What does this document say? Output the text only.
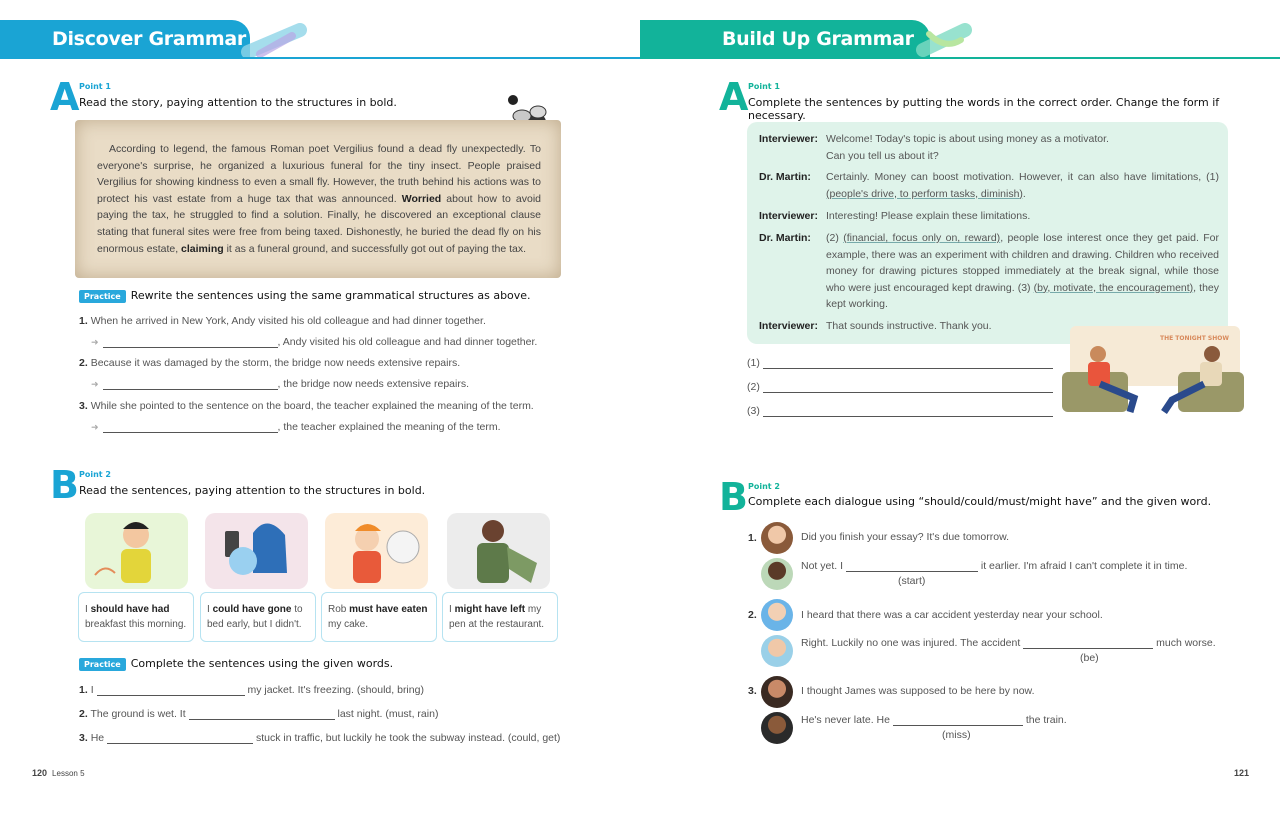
Discover Grammar
A Point 1
Read the story, paying attention to the structures in bold.

According to legend, the famous Roman poet Vergilius found a dead fly unexpectedly. To everyone's surprise, he organized a luxurious funeral for the tiny insect. People praised Vergilius for showing kindness to even a small fly. However, the truth behind his actions was to protect his vast estate from a huge tax that was announced. Worried about how to avoid paying the tax, he struggled to find a solution. Finally, he discovered an exceptional clause stating that funeral sites were free from being taxed. Dishonestly, he buried the dead fly on his enormous estate, claiming it as a funeral ground, and successfully got out of paying the tax.

Practice Rewrite the sentences using the same grammatical structures as above.
1. When he arrived in New York, Andy visited his old colleague and had dinner together.
➜	, Andy visited his old colleague and had dinner together.
2. Because it was damaged by the storm, the bridge now needs extensive repairs.
➜	, the bridge now needs extensive repairs.
3. While she pointed to the sentence on the board, the teacher explained the meaning of the term.
➜	, the teacher explained the meaning of the term.
B Point 2
Read the sentences, paying attention to the structures in bold.
I should have had breakfast this morning.
I could have gone to bed early, but I didn't.
Rob must have eaten my cake.
I might have left my pen at the restaurant.
Practice Complete the sentences using the given words.
1. I	my jacket. It's freezing. (should, bring)
2. The ground is wet. It	last night. (must, rain)
3. He	stuck in traffic, but luckily he took the subway instead. (could, get)
120 Lesson 5
Build Up Grammar
A Point 1
Complete the sentences by putting the words in the correct order. Change the form if necessary.
Interviewer: Welcome! Today's topic is about using money as a motivator.
Can you tell us about it?
Dr. Martin: Certainly. Money can boost motivation. However, it can also have limitations, (1) (people's drive, to perform tasks, diminish).
Interviewer: Interesting! Please explain these limitations.
Dr. Martin: (2) (financial, focus only on, reward), people lose interest once they get paid. For example, there was an experiment with children and drawing. Children who received money for drawing pictures stopped immediately at the break signal, while those who were just encouraged kept drawing. (3) (by, motivate, the encouragement), they kept working.
Interviewer: That sounds instructive. Thank you.
(1)
(2)
(3)
THE TONIGHT SHOW
B Point 2
Complete each dialogue using “should/could/must/might have” and the given word.
1.	Did you finish your essay? It's due tomorrow.
Not yet. I	it earlier. I'm afraid I can't complete it in time.
(start)
2.	I heard that there was a car accident yesterday near your school.
Right. Luckily no one was injured. The accident	much worse.
(be)
3.	I thought James was supposed to be here by now.
He's never late. He	the train.
(miss)
121
